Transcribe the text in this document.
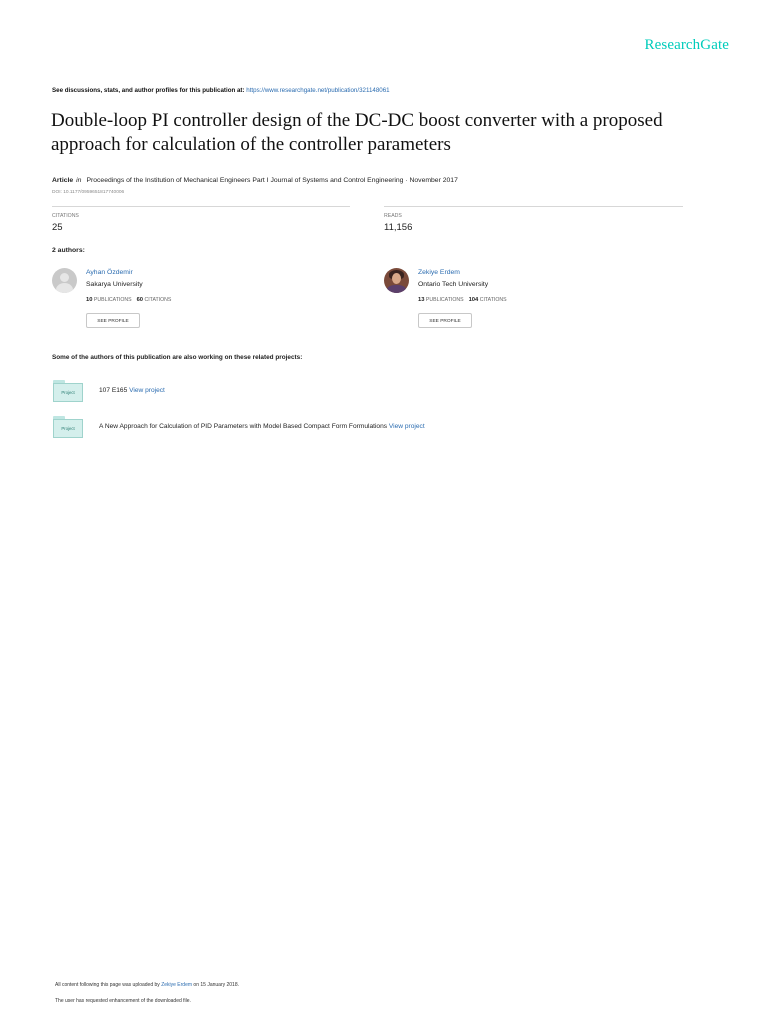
ResearchGate
See discussions, stats, and author profiles for this publication at: https://www.researchgate.net/publication/321148061
Double-loop PI controller design of the DC-DC boost converter with a proposed approach for calculation of the controller parameters
Article in Proceedings of the Institution of Mechanical Engineers Part I Journal of Systems and Control Engineering · November 2017
DOI: 10.1177/0959651817740006
CITATIONS
25
READS
11,156
2 authors:
Ayhan Özdemir
Sakarya University
10 PUBLICATIONS 60 CITATIONS
SEE PROFILE
Zekiye Erdem
Ontario Tech University
13 PUBLICATIONS 104 CITATIONS
SEE PROFILE
Some of the authors of this publication are also working on these related projects:
Project	107 E165 View project
Project	A New Approach for Calculation of PID Parameters with Model Based Compact Form Formulations View project
All content following this page was uploaded by Zekiye Erdem on 15 January 2018.
The user has requested enhancement of the downloaded file.
